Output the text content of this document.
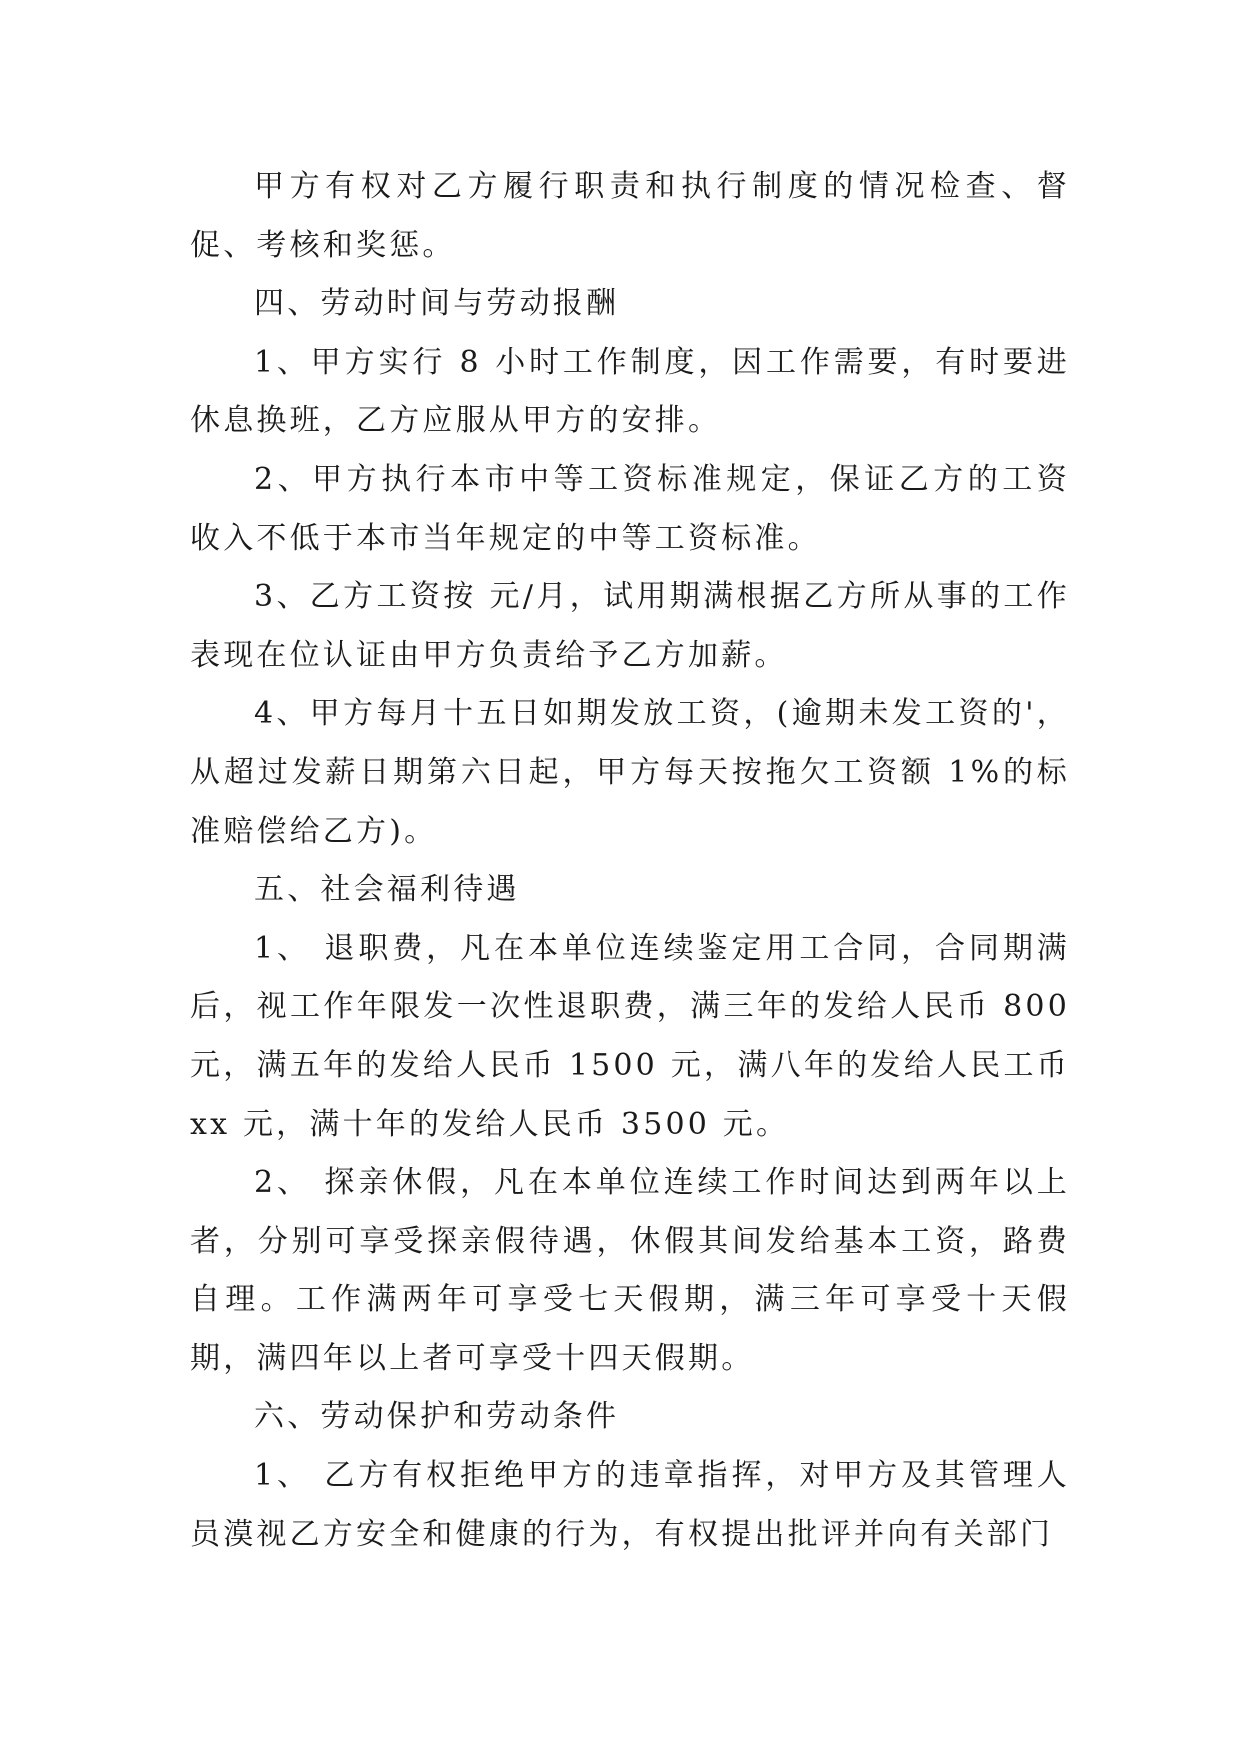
甲方有权对乙方履行职责和执行制度的情况检查、督促、考核和奖惩。

四、劳动时间与劳动报酬

1、甲方实行 8 小时工作制度，因工作需要，有时要进休息换班，乙方应服从甲方的安排。

2、甲方执行本市中等工资标准规定，保证乙方的工资收入不低于本市当年规定的中等工资标准。

3、乙方工资按 元/月，试用期满根据乙方所从事的工作表现在位认证由甲方负责给予乙方加薪。

4、甲方每月十五日如期发放工资，(逾期未发工资的'，从超过发薪日期第六日起，甲方每天按拖欠工资额 1%的标准赔偿给乙方)。

五、社会福利待遇

1、 退职费，凡在本单位连续鉴定用工合同，合同期满后，视工作年限发一次性退职费，满三年的发给人民币 800 元，满五年的发给人民币 1500 元，满八年的发给人民工币 xx 元，满十年的发给人民币 3500 元。

2、 探亲休假，凡在本单位连续工作时间达到两年以上者，分别可享受探亲假待遇，休假其间发给基本工资，路费自理。工作满两年可享受七天假期，满三年可享受十天假期，满四年以上者可享受十四天假期。

六、劳动保护和劳动条件

1、 乙方有权拒绝甲方的违章指挥，对甲方及其管理人员漠视乙方安全和健康的行为，有权提出批评并向有关部门
